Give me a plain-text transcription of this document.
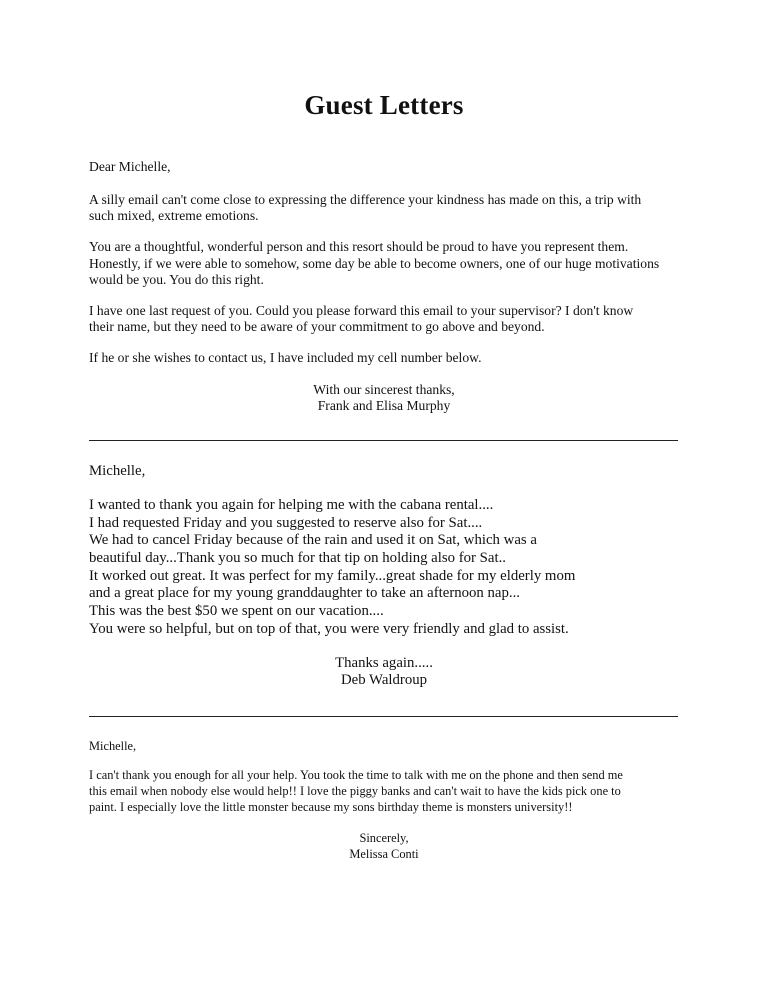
Guest Letters
Dear Michelle,
A silly email can't come close to expressing the difference your kindness has made on this, a trip with
such mixed, extreme emotions.
You are a thoughtful, wonderful person and this resort should be proud to have you represent them.
Honestly, if we were able to somehow, some day be able to become owners, one of our huge motivations
would be you. You do this right.
I have one last request of you. Could you please forward this email to your supervisor? I don't know
their name, but they need to be aware of your commitment to go above and beyond.
If he or she wishes to contact us, I have included my cell number below.
With our sincerest thanks,
Frank and Elisa Murphy
Michelle,
I wanted to thank you again for helping me with the cabana rental....
I had requested Friday and you suggested to reserve also for Sat....
We had to cancel Friday because of the rain and used it on Sat, which was a
beautiful day...Thank you so much for that tip on holding also for Sat..
It worked out great. It was perfect for my family...great shade for my elderly mom
and a great place for my young granddaughter to take an afternoon nap...
This was the best $50 we spent on our vacation....
You were so helpful, but on top of that, you were very friendly and glad to assist.
Thanks again.....
Deb Waldroup
Michelle,
I can't thank you enough for all your help. You took the time to talk with me on the phone and then send me
this email when nobody else would help!! I love the piggy banks and can't wait to have the kids pick one to
paint. I especially love the little monster because my sons birthday theme is monsters university!!
Sincerely,
Melissa Conti
